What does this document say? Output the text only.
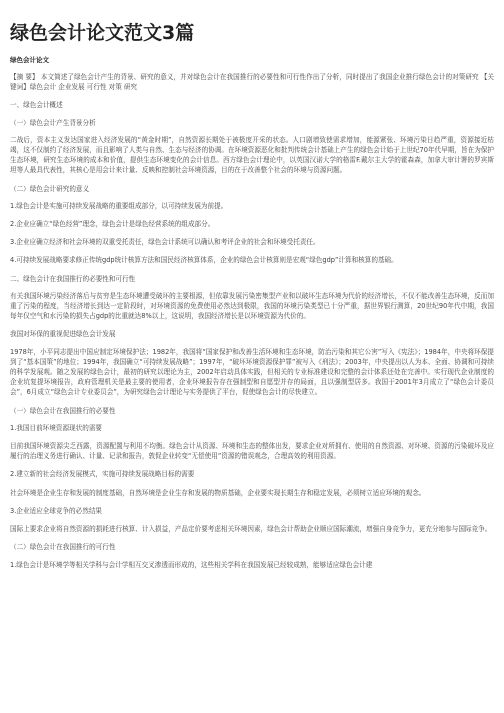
绿色会计论文范文3篇
绿色会计论文

【摘 要】 本文简述了绿色会计产生的背景、研究的意义，并对绿色会计在我国推行的必要性和可行性作出了分析，同时提出了我国企业推行绿色会计的对策研究 【关键词】绿色会计 企业发展 可行性 对策 研究

一、绿色会计概述

（一）绿色会计产生背景分析

二战后，资本主义发达国家进入经济发展的“黄金时期”，自然资源长期处于被极度开采的状态。人口剧增致使需求增加，能源紧张、环境污染日趋严重，资源接近枯竭，这不仅制约了经济发展，而且影响了人类与自然、生态与经济的协调。在环境资源恶化和批判传统会计基础上产生的绿色会计始于上世纪70年代早期，旨在为保护生态环境，研究生态环境的成本和价值，提供生态环境变化的会计信息。西方绿色会计理论中，以英国汉诺大学的格雷F.戴尔主大学的霍森森，加拿大审计署的罗宾斯坦等人最具代表性，其核心是用会计来计量、反映和控制社会环境资源，目的在于改善整个社会的环境与资源问题。

（二）绿色会计研究的意义

1.绿色会计是实施可持续发展战略的重要组成部分，以可持续发展为前提。

2.企业应确立“绿色经营”理念，绿色会计是绿色经营系统的组成部分。

3.企业应确立经济和社会环境的双重受托责任，绿色会计系统可以确认和考评企业的社会和环境受托责任。

4.可持续发展战略要求修正传统gdp统计核算方法和国民经济核算体系，企业的绿色会计核算则是宏观“绿色gdp”计算和核算的基础。

二、绿色会计在我国推行的必要性和可行性

有关我国环境污染经济落后与贫穷是生态环境遭受破坏的主要根源，但依靠发展污染密集型产业和以破坏生态环境为代价的经济增长，不仅不能改善生态环境，反而加重了污染的程度，当经济增长到达一定阶段时，对环境资源的免费使用必然达到极限，我国的环境污染类型已十分严重，据世界银行测算，20世纪90年代中期，我国每年仅空气和水污染的损失占gdp的比重就达8%以上，这说明，我国经济增长是以环境资源为代价的。

我国对环保的重视促进绿色会计发展

1978年，小平同志提出中国应制定环境保护法；1982年，我国将“国家保护和改善生活环境和生态环境，防治污染和其它公害”写入《宪法》；1984年，中央将环保提到了“基本国策”的地位；1994年，我国确立“可持续发展战略”；1997年，“破坏环境资源保护罪”被写入《刑法》；2003年，中央提出以人为本、全面、协调和可持续的科学发展观。随之发展的绿色会计，最初的研究以理论为主，2002年启动具体实践，但相关的专业标准建设和完整的会计体系还处在完善中。实行现代企业制度的企业坑复提环境报告，政府管理机关是最主要的使用者，企业环境报告存在强制型和自愿型并存的局面，且以强制型居多。我国于2001年3月成立了“绿色会计委员会”，6月成立“绿色会计专业委员会”，为研究绿色会计理论与实务提供了平台，促使绿色会计的尽快建立。

（一）绿色会计在我国推行的必要性

1.我国目前环境资源现状的需要

目前我国环境资源尖乏西露，资源配置与利用不均衡。绿色会计从资源、环境和生态的整体出发，要求企业对所拥有、使用的自然资源、对环境、资源的污染破坏及应履行的治理义务进行确认、计量、记录和报告，敦促企业转变“无偿使用”资源的错误观念，合理高效的利用资源。

2.建立新的社会经济发展模式，实施可持续发展战略目标的需要

社会环境是企业生存和发展的制度基础，自然环境是企业生存和发展的物质基础，企业要实现长期生存和稳定发展，必须树立适应环境的观念。

3.企业适应全球竞争的必然结果

国际上要求企业将自然资源的损耗进行核算、计入损益，产品定价要考虑相关环境因素，绿色会计帮助企业顺应国际潮流，增强自身竞争力，更充分地参与国际竞争。

（二）绿色会计在我国推行的可行性

1.绿色会计是环境学等相关学科与会计学相互交叉渗透而形成的，这些相关学科在我国发展已经较成熟，能够适应绿色会计建
